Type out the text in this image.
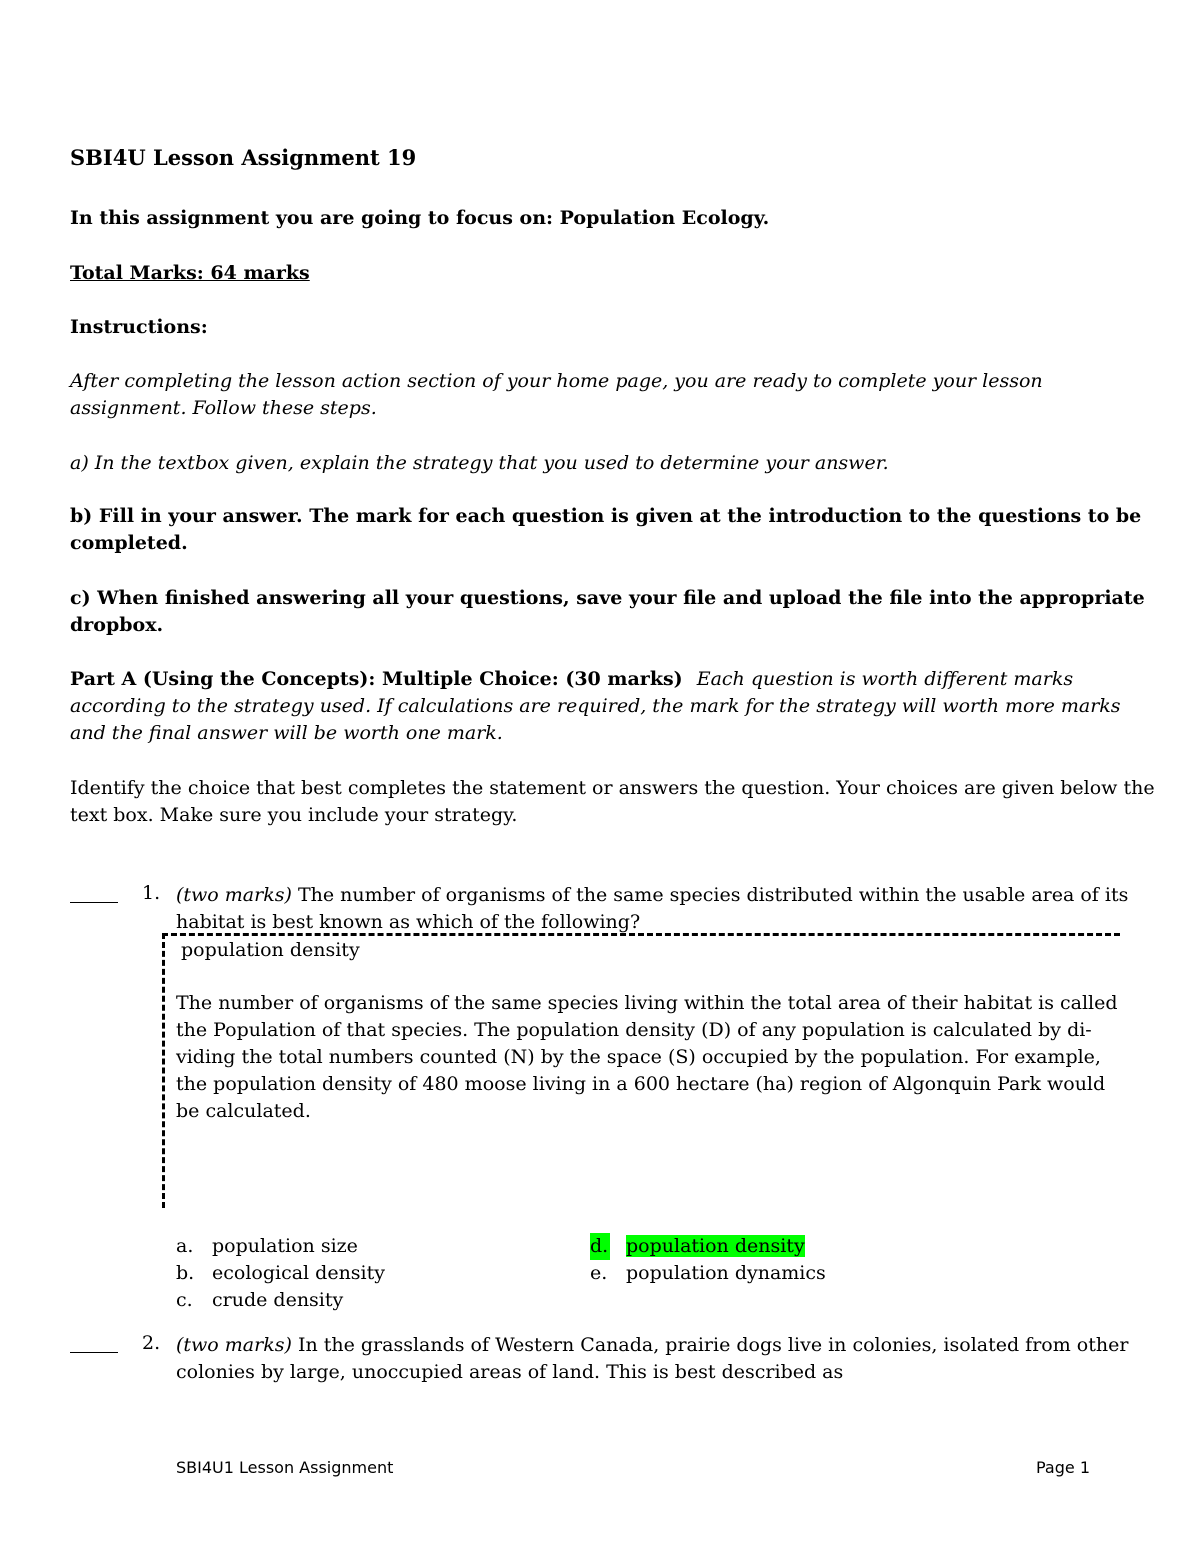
SBI4U Lesson Assignment 19
In this assignment you are going to focus on: Population Ecology.
Total Marks: 64 marks
Instructions:
After completing the lesson action section of your home page, you are ready to complete your lesson
assignment. Follow these steps.
a) In the textbox given, explain the strategy that you used to determine your answer.
b) Fill in your answer. The mark for each question is given at the introduction to the questions to be
completed.
c) When finished answering all your questions, save your file and upload the file into the appropriate
dropbox.
Part A (Using the Concepts): Multiple Choice: (30 marks) Each question is worth different marks
according to the strategy used. If calculations are required, the mark for the strategy will worth more marks
and the final answer will be worth one mark.
Identify the choice that best completes the statement or answers the question. Your choices are given below the
text box. Make sure you include your strategy.
1. (two marks) The number of organisms of the same species distributed within the usable area of its
habitat is best known as which of the following?
population density
The number of organisms of the same species living within the total area of their habitat is called
the Population of that species. The population density (D) of any population is calculated by di-
viding the total numbers counted (N) by the space (S) occupied by the population. For example,
the population density of 480 moose living in a 600 hectare (ha) region of Algonquin Park would
be calculated.
a. population size
b. ecological density
c. crude density
d. population density
e. population dynamics
2. (two marks) In the grasslands of Western Canada, prairie dogs live in colonies, isolated from other
colonies by large, unoccupied areas of land. This is best described as
SBI4U1 Lesson Assignment	Page 1
